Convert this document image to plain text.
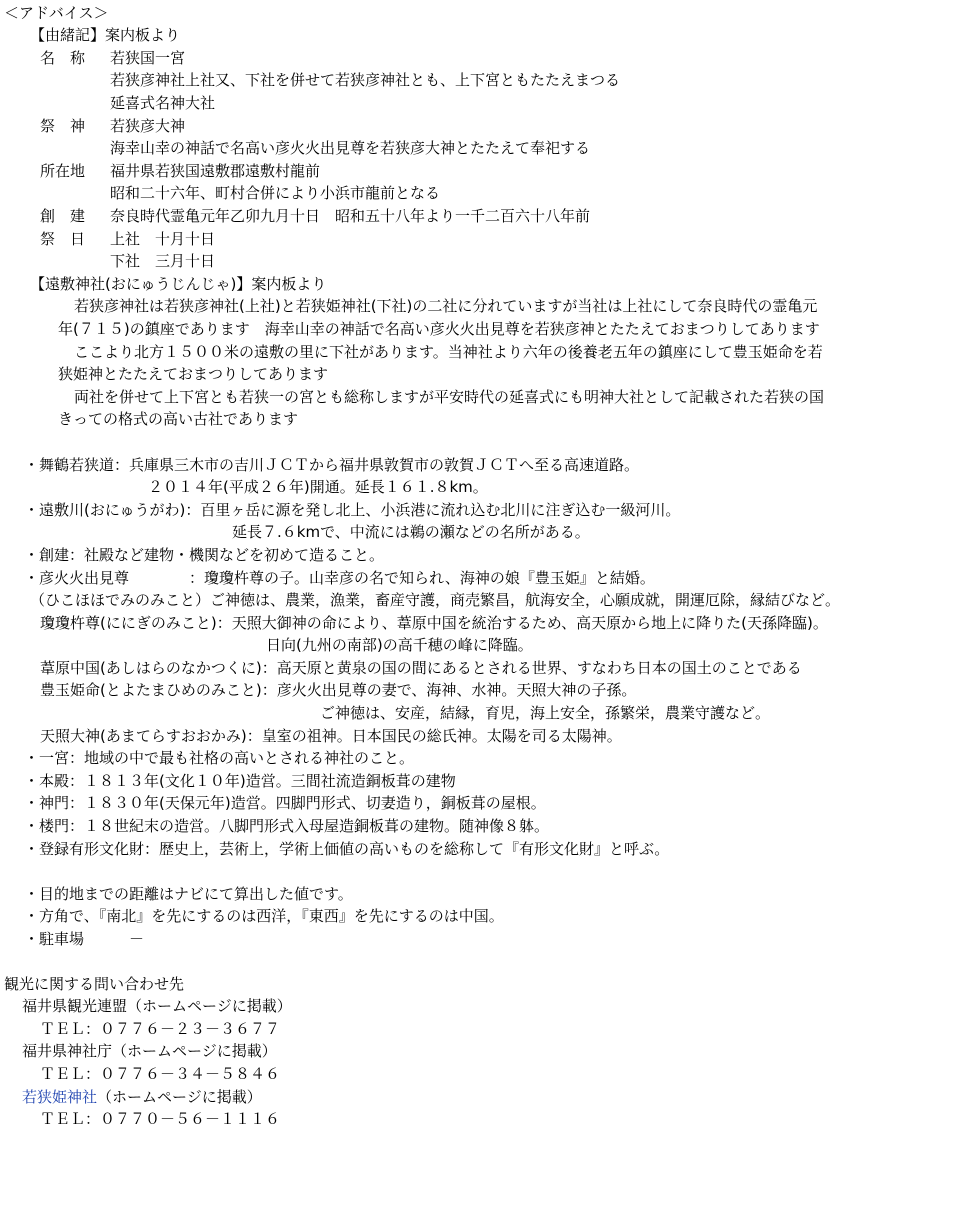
＜アドバイス＞
【由緒記】案内板より
名　称 若狭国一宮
若狭彦神社上社又、下社を併せて若狭彦神社とも、上下宮ともたたえまつる
延喜式名神大社
祭　神 若狭彦大神
海幸山幸の神話で名高い彦火火出見尊を若狭彦大神とたたえて奉祀する
所在地 福井県若狭国遠敷郡遠敷村龍前
昭和二十六年、町村合併により小浜市龍前となる
創　建 奈良時代霊亀元年乙卯九月十日　昭和五十八年より一千二百六十八年前
祭　日 上社　十月十日
下社　三月十日
【遠敷神社(おにゅうじんじゃ)】案内板より
若狭彦神社は若狭彦神社(上社)と若狭姫神社(下社)の二社に分れていますが当社は上社にして奈良時代の霊亀元
年(７１５)の鎮座であります　海幸山幸の神話で名高い彦火火出見尊を若狭彦神とたたえておまつりしてあります
ここより北方１５００米の遠敷の里に下社があります。当神社より六年の後養老五年の鎮座にして豊玉姫命を若
狭姫神とたたえておまつりしてあります
両社を併せて上下宮とも若狭一の宮とも総称しますが平安時代の延喜式にも明神大社として記載された若狭の国
きっての格式の高い古社であります
・舞鶴若狭道：兵庫県三木市の吉川ＪＣＴから福井県敦賀市の敦賀ＪＣＴへ至る高速道路。
２０１４年(平成２６年)開通。延長１６１.８km。
・遠敷川(おにゅうがわ)：百里ヶ岳に源を発し北上、小浜港に流れ込む北川に注ぎ込む一級河川。
延長７.６kmで、中流には鵜の瀬などの名所がある。
・創建：社殿など建物・機関などを初めて造ること。
・彦火火出見尊　　　　：瓊瓊杵尊の子。山幸彦の名で知られ、海神の娘『豊玉姫』と結婚。
（ひこほほでみのみこと）ご神徳は、農業，漁業，畜産守護，商売繁昌，航海安全，心願成就，開運厄除，縁結びなど。
瓊瓊杵尊(ににぎのみこと)：天照大御神の命により、葦原中国を統治するため、高天原から地上に降りた(天孫降臨)。
日向(九州の南部)の高千穂の峰に降臨。
葦原中国(あしはらのなかつくに)：高天原と黄泉の国の間にあるとされる世界、すなわち日本の国土のことである
豊玉姫命(とよたまひめのみこと)：彦火火出見尊の妻で、海神、水神。天照大神の子孫。
ご神徳は、安産，結縁，育児，海上安全，孫繁栄，農業守護など。
天照大神(あまてらすおおかみ)：皇室の祖神。日本国民の総氏神。太陽を司る太陽神。
・一宮：地域の中で最も社格の高いとされる神社のこと。
・本殿：１８１３年(文化１０年)造営。三間社流造銅板葺の建物
・神門：１８３０年(天保元年)造営。四脚門形式、切妻造り，銅板葺の屋根。
・楼門：１８世紀末の造営。八脚門形式入母屋造銅板葺の建物。随神像８躰。
・登録有形文化財：歴史上，芸術上，学術上価値の高いものを総称して『有形文化財』と呼ぶ。
・目的地までの距離はナビにて算出した値です。
・方角で、『南北』を先にするのは西洋，『東西』を先にするのは中国。
・駐車場　　　－
観光に関する問い合わせ先
福井県観光連盟（ホームページに掲載）
ＴＥＬ：０７７６－２３－３６７７
福井県神社庁（ホームページに掲載）
ＴＥＬ：０７７６－３４－５８４６
若狭姫神社（ホームページに掲載）
ＴＥＬ：０７７０－５６－１１１６
